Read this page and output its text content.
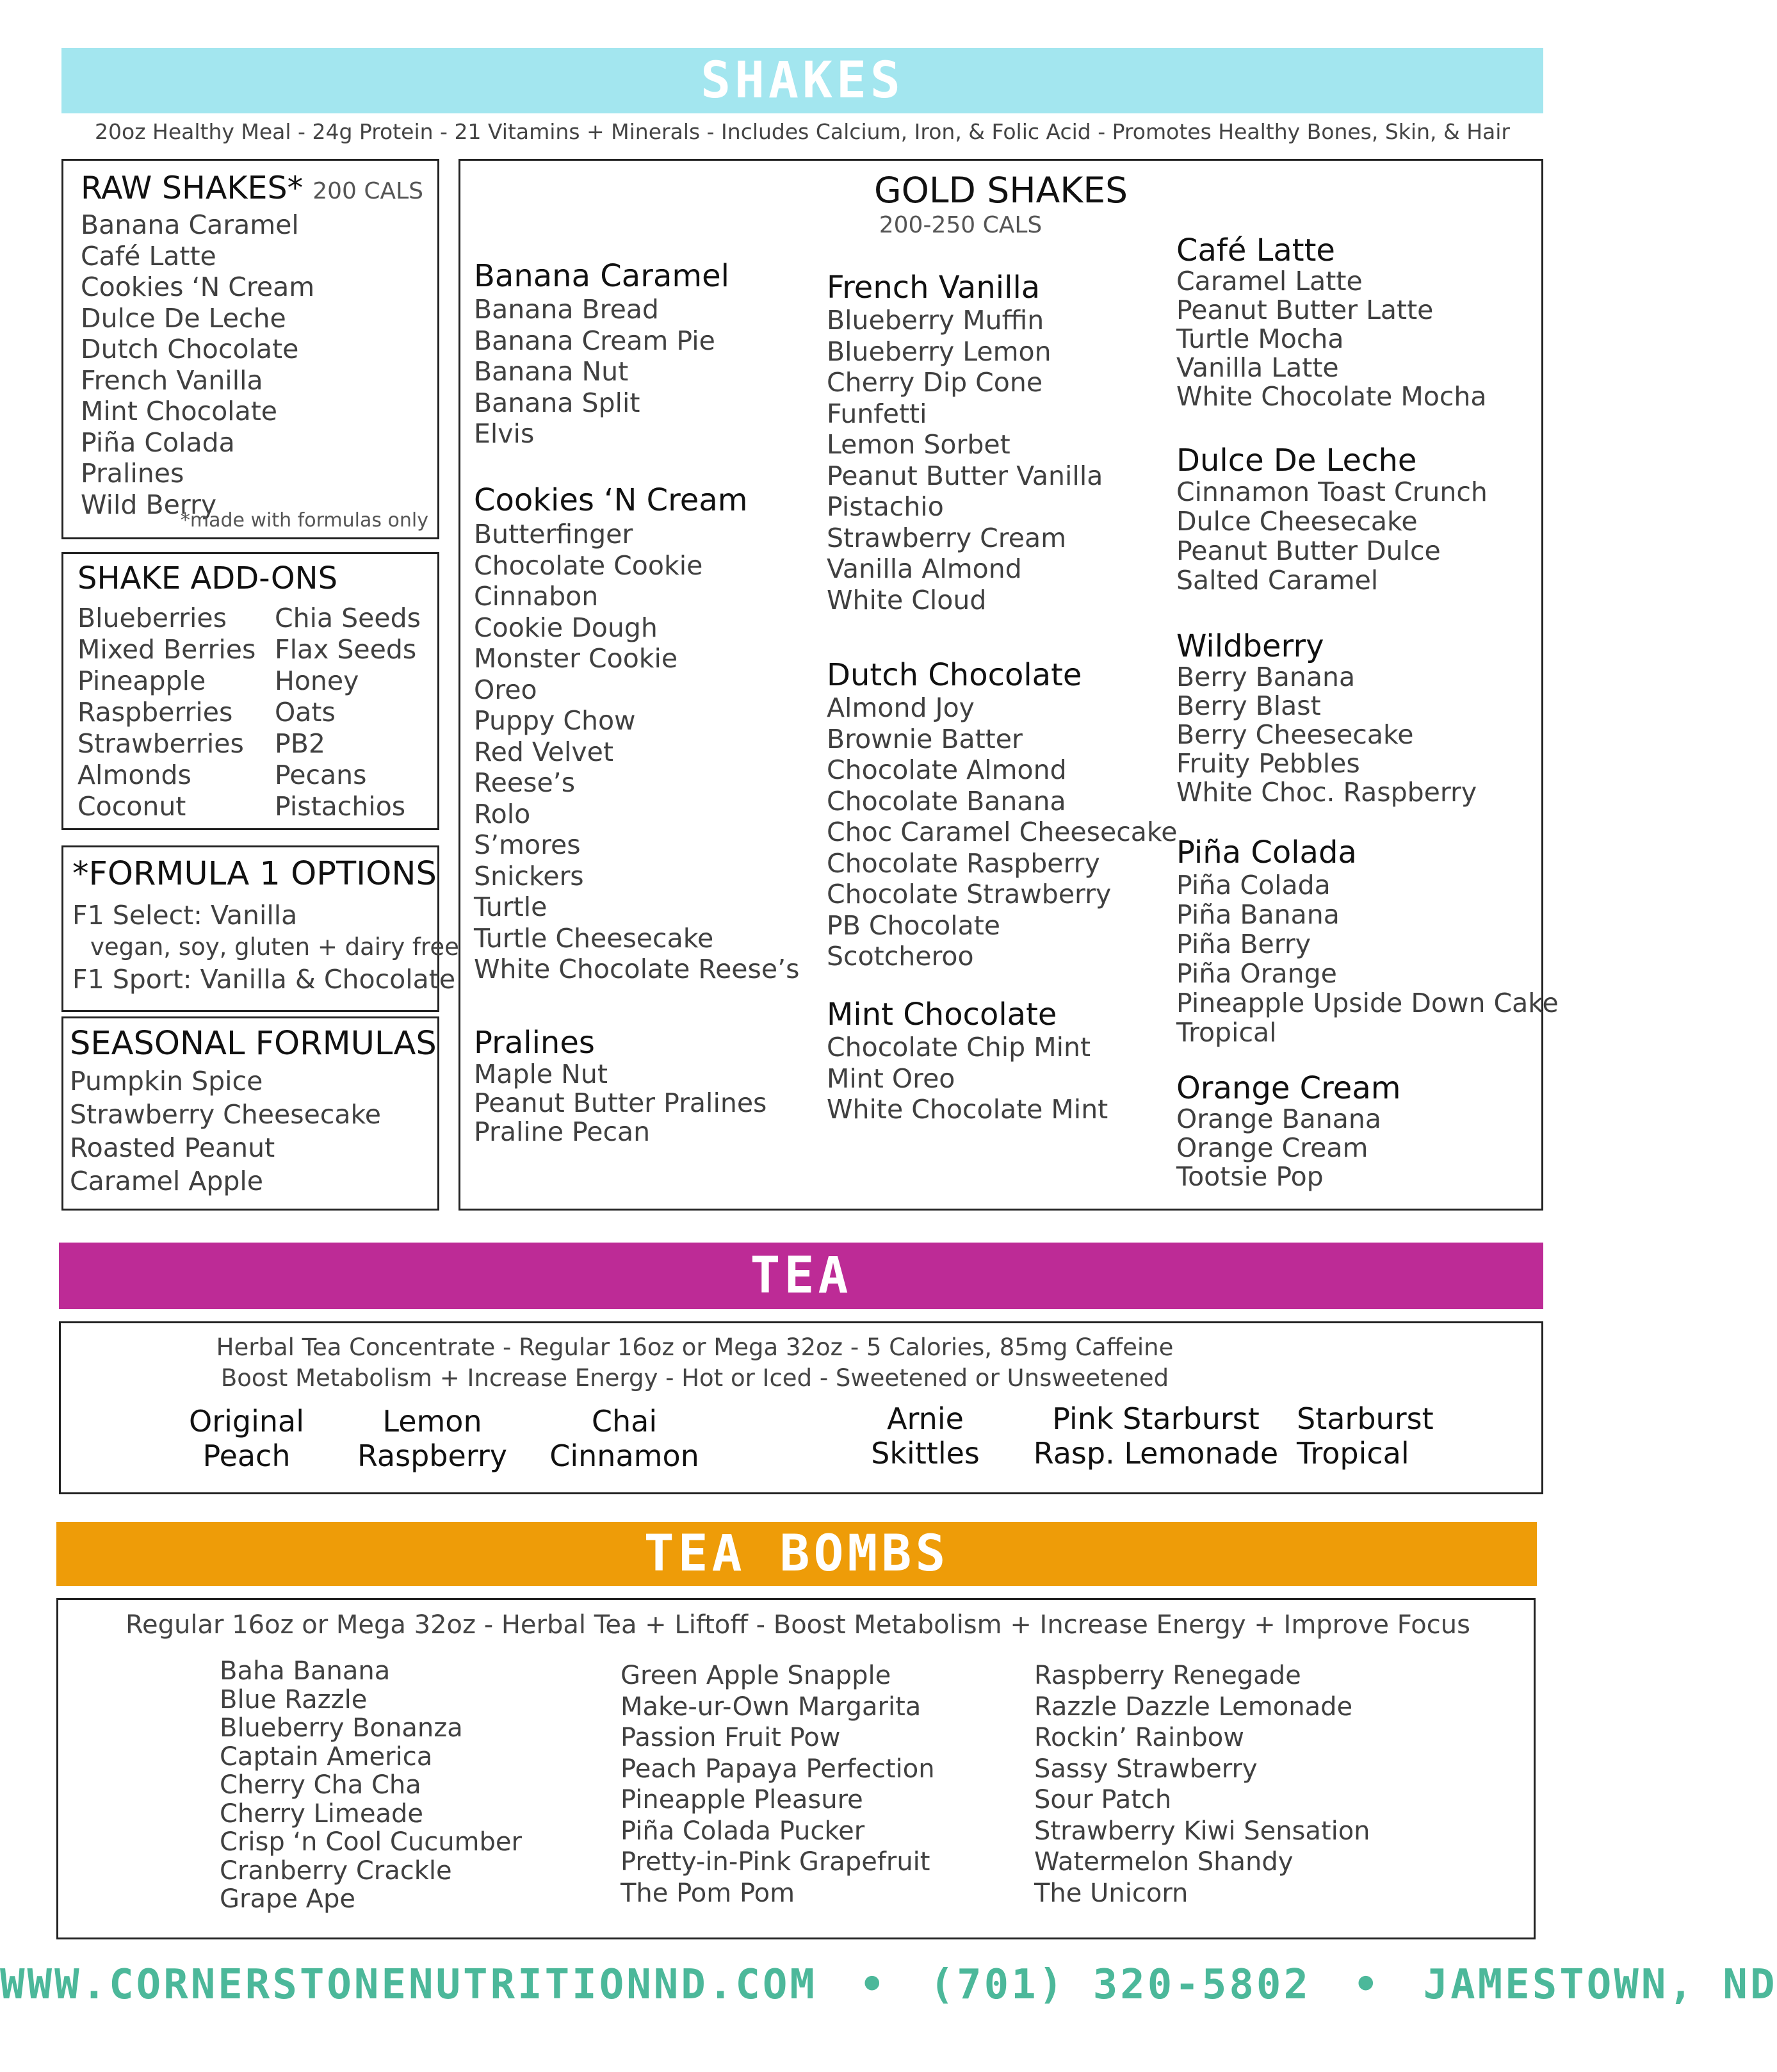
SHAKES
20oz Healthy Meal - 24g Protein - 21 Vitamins + Minerals - Includes Calcium, Iron, & Folic Acid - Promotes Healthy Bones, Skin, & Hair
RAW SHAKES* 200 CALS
Banana Caramel
Café Latte
Cookies ‘N Cream
Dulce De Leche
Dutch Chocolate
French Vanilla
Mint Chocolate
Piña Colada
Pralines
Wild Berry
*made with formulas only
SHAKE ADD-ONS
Blueberries
Mixed Berries
Pineapple
Raspberries
Strawberries
Almonds
Coconut
Chia Seeds
Flax Seeds
Honey
Oats
PB2
Pecans
Pistachios
*FORMULA 1 OPTIONS
F1 Select: Vanilla
vegan, soy, gluten + dairy free
F1 Sport: Vanilla & Chocolate
SEASONAL FORMULAS
Pumpkin Spice
Strawberry Cheesecake
Roasted Peanut
Caramel Apple
GOLD SHAKES
200-250 CALS
Banana Caramel
Banana Bread
Banana Cream Pie
Banana Nut
Banana Split
Elvis
Cookies ‘N Cream
Butterfinger
Chocolate Cookie
Cinnabon
Cookie Dough
Monster Cookie
Oreo
Puppy Chow
Red Velvet
Reese’s
Rolo
S’mores
Snickers
Turtle
Turtle Cheesecake
White Chocolate Reese’s
Pralines
Maple Nut
Peanut Butter Pralines
Praline Pecan
French Vanilla
Blueberry Muffin
Blueberry Lemon
Cherry Dip Cone
Funfetti
Lemon Sorbet
Peanut Butter Vanilla
Pistachio
Strawberry Cream
Vanilla Almond
White Cloud
Dutch Chocolate
Almond Joy
Brownie Batter
Chocolate Almond
Chocolate Banana
Choc Caramel Cheesecake
Chocolate Raspberry
Chocolate Strawberry
PB Chocolate
Scotcheroo
Mint Chocolate
Chocolate Chip Mint
Mint Oreo
White Chocolate Mint
Café Latte
Caramel Latte
Peanut Butter Latte
Turtle Mocha
Vanilla Latte
White Chocolate Mocha
Dulce De Leche
Cinnamon Toast Crunch
Dulce Cheesecake
Peanut Butter Dulce
Salted Caramel
Wildberry
Berry Banana
Berry Blast
Berry Cheesecake
Fruity Pebbles
White Choc. Raspberry
Piña Colada
Piña Colada
Piña Banana
Piña Berry
Piña Orange
Pineapple Upside Down Cake
Tropical
Orange Cream
Orange Banana
Orange Cream
Tootsie Pop
TEA
Herbal Tea Concentrate - Regular 16oz or Mega 32oz - 5 Calories, 85mg Caffeine
Boost Metabolism + Increase Energy - Hot or Iced - Sweetened or Unsweetened
Original
Peach
Lemon
Raspberry
Chai
Cinnamon
Arnie
Skittles
Pink Starburst
Rasp. Lemonade
Starburst
Tropical
TEA BOMBS
Regular 16oz or Mega 32oz - Herbal Tea + Liftoff - Boost Metabolism + Increase Energy + Improve Focus
Baha Banana
Blue Razzle
Blueberry Bonanza
Captain America
Cherry Cha Cha
Cherry Limeade
Crisp ‘n Cool Cucumber
Cranberry Crackle
Grape Ape
Green Apple Snapple
Make-ur-Own Margarita
Passion Fruit Pow
Peach Papaya Perfection
Pineapple Pleasure
Piña Colada Pucker
Pretty-in-Pink Grapefruit
The Pom Pom
Raspberry Renegade
Razzle Dazzle Lemonade
Rockin’ Rainbow
Sassy Strawberry
Sour Patch
Strawberry Kiwi Sensation
Watermelon Shandy
The Unicorn
WWW.CORNERSTONENUTRITIONND.COM • (701) 320-5802 • JAMESTOWN, ND
